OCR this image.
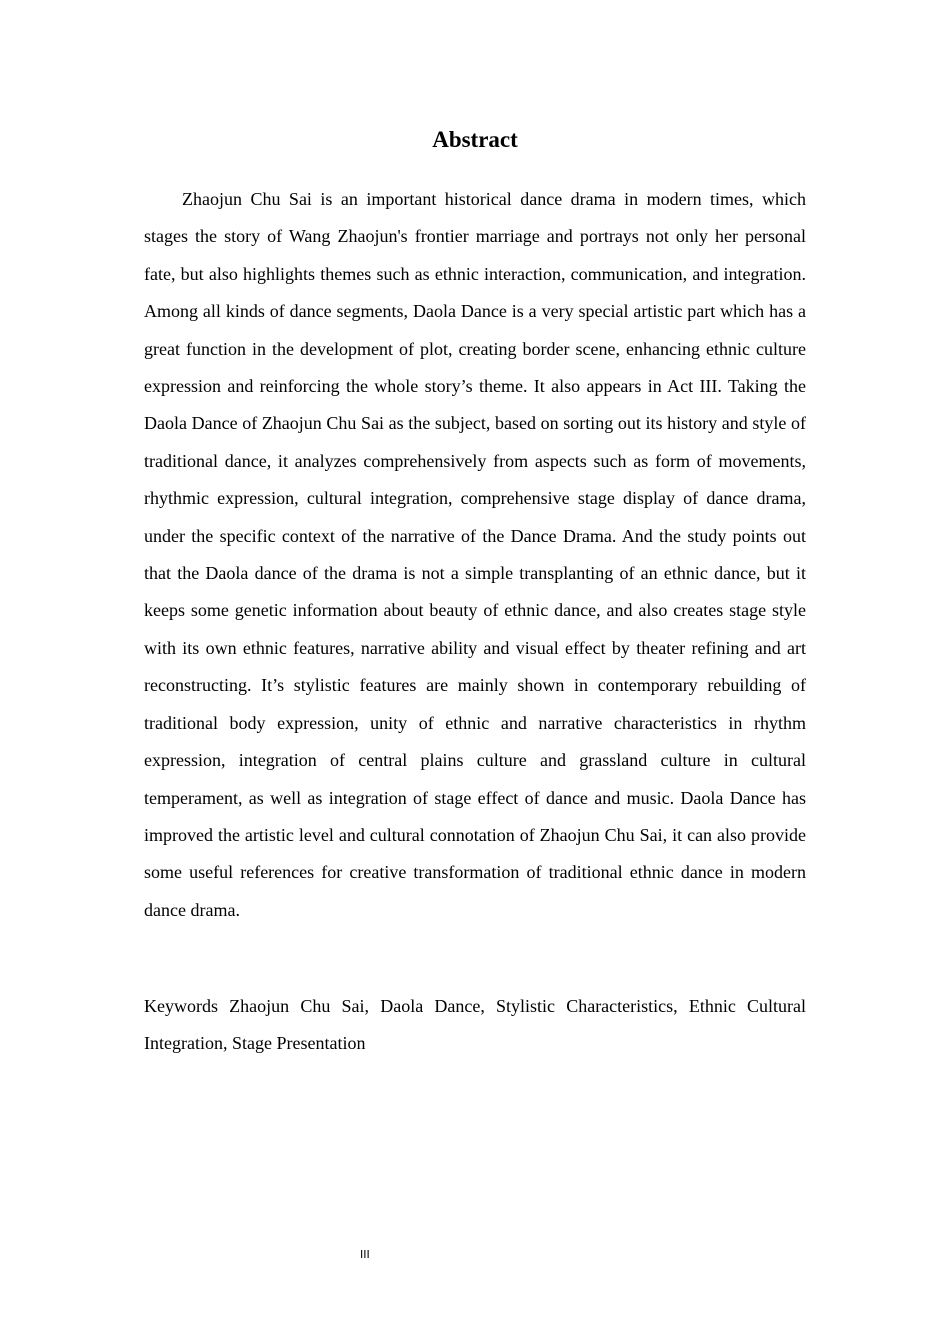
Abstract

Zhaojun Chu Sai is an important historical dance drama in modern times, which stages the story of Wang Zhaojun's frontier marriage and portrays not only her personal fate, but also highlights themes such as ethnic interaction, communication, and integration. Among all kinds of dance segments, Daola Dance is a very special artistic part which has a great function in the development of plot, creating border scene, enhancing ethnic culture expression and reinforcing the whole story’s theme. It also appears in Act III. Taking the Daola Dance of Zhaojun Chu Sai as the subject, based on sorting out its history and style of traditional dance, it analyzes comprehensively from aspects such as form of movements, rhythmic expression, cultural integration, comprehensive stage display of dance drama, under the specific context of the narrative of the Dance Drama. And the study points out that the Daola dance of the drama is not a simple transplanting of an ethnic dance, but it keeps some genetic information about beauty of ethnic dance, and also creates stage style with its own ethnic features, narrative ability and visual effect by theater refining and art reconstructing. It’s stylistic features are mainly shown in contemporary rebuilding of traditional body expression, unity of ethnic and narrative characteristics in rhythm expression, integration of central plains culture and grassland culture in cultural temperament, as well as integration of stage effect of dance and music. Daola Dance has improved the artistic level and cultural connotation of Zhaojun Chu Sai, it can also provide some useful references for creative transformation of traditional ethnic dance in modern dance drama.

Keywords Zhaojun Chu Sai, Daola Dance, Stylistic Characteristics, Ethnic Cultural Integration, Stage Presentation

III
